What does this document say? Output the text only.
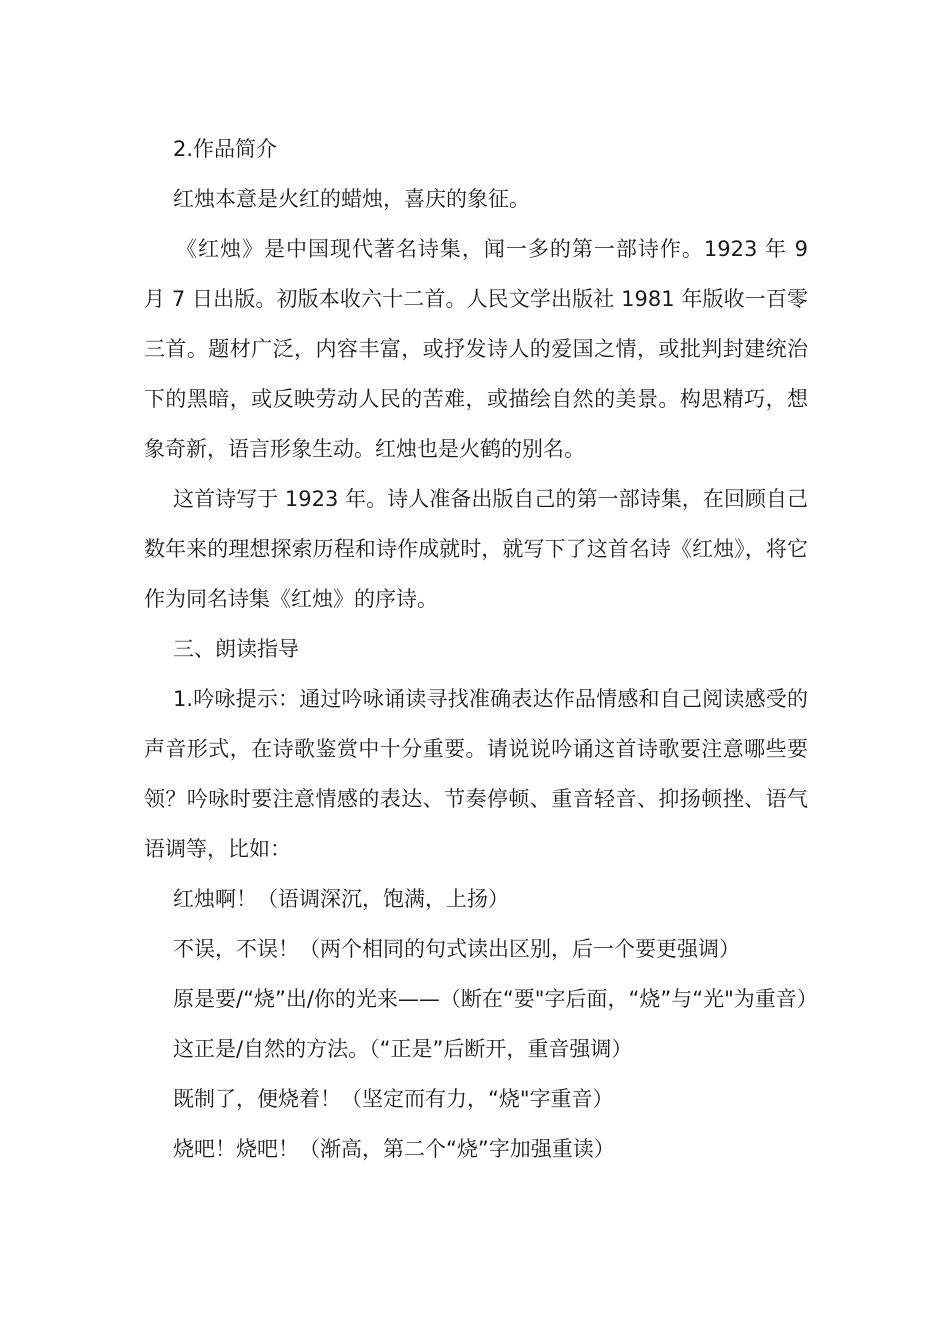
2.作品简介

红烛本意是火红的蜡烛，喜庆的象征。

《红烛》是中国现代著名诗集，闻一多的第一部诗作。1923 年 9 月 7 日出版。初版本收六十二首。人民文学出版社 1981 年版收一百零三首。题材广泛，内容丰富，或抒发诗人的爱国之情，或批判封建统治下的黑暗，或反映劳动人民的苦难，或描绘自然的美景。构思精巧，想象奇新，语言形象生动。红烛也是火鹤的别名。

这首诗写于 1923 年。诗人准备出版自己的第一部诗集，在回顾自己数年来的理想探索历程和诗作成就时，就写下了这首名诗《红烛》，将它作为同名诗集《红烛》的序诗。

三、朗读指导

1.吟咏提示：通过吟咏诵读寻找准确表达作品情感和自己阅读感受的声音形式，在诗歌鉴赏中十分重要。请说说吟诵这首诗歌要注意哪些要领？吟咏时要注意情感的表达、节奏停顿、重音轻音、抑扬顿挫、语气语调等，比如：

红烛啊！（语调深沉，饱满，上扬）

不误，不误！（两个相同的句式读出区别，后一个要更强调）

原是要/“烧”出/你的光来——（断在“要"字后面，“烧”与“光"为重音）

这正是/自然的方法。（“正是”后断开，重音强调）

既制了，便烧着！（坚定而有力，“烧"字重音）

烧吧！烧吧！（渐高，第二个“烧”字加强重读）
